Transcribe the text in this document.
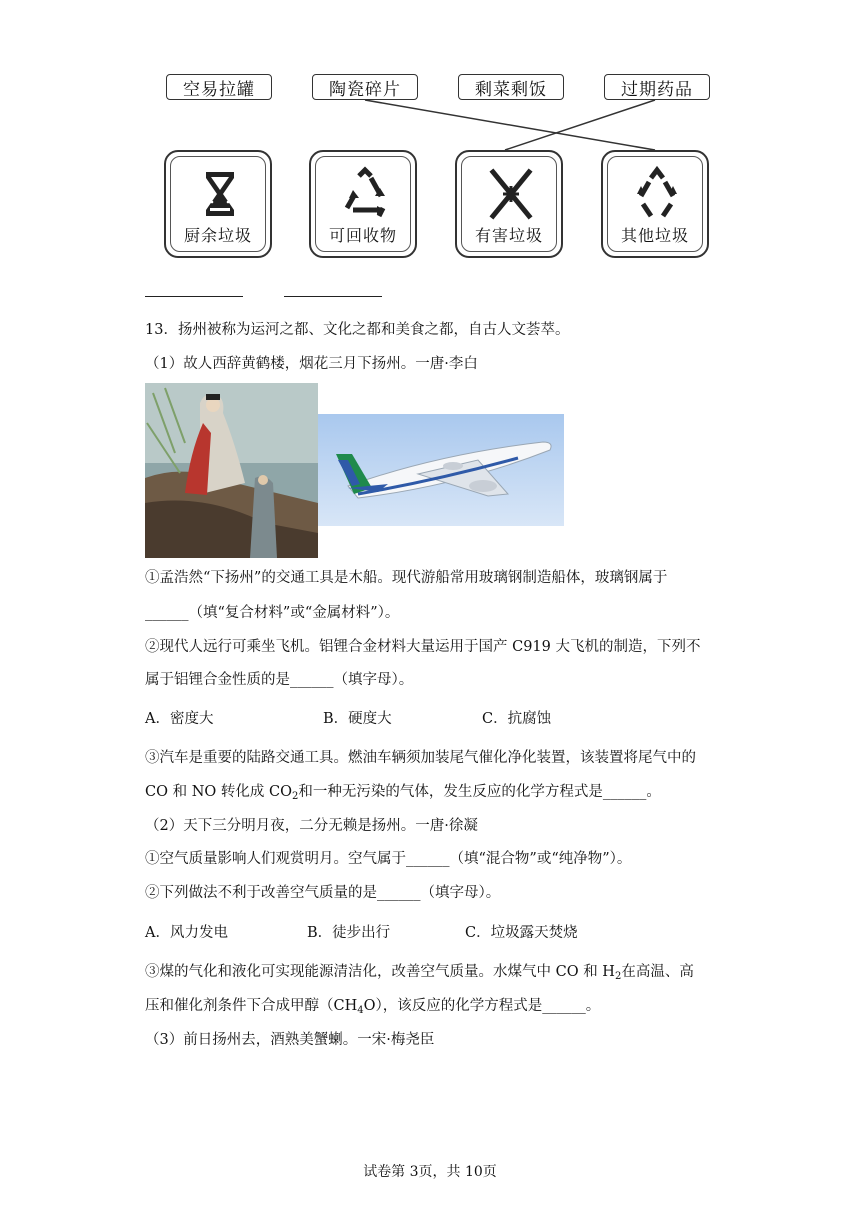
空易拉罐	陶瓷碎片	剩菜剩饭	过期药品
厨余垃圾	可回收物	有害垃圾	其他垃圾
13．扬州被称为运河之都、文化之都和美食之都，自古人文荟萃。
（1）故人西辞黄鹤楼，烟花三月下扬州。一唐·李白
①孟浩然“下扬州”的交通工具是木船。现代游船常用玻璃钢制造船体，玻璃钢属于
______（填“复合材料”或“金属材料”）。
②现代人远行可乘坐飞机。铝锂合金材料大量运用于国产 C919 大飞机的制造，下列不
属于铝锂合金性质的是______（填字母）。
A．密度大	B．硬度大	C．抗腐蚀
③汽车是重要的陆路交通工具。燃油车辆须加装尾气催化净化装置，该装置将尾气中的
CO 和 NO 转化成 $CO_2$和一种无污染的气体，发生反应的化学方程式是______。
（2）天下三分明月夜，二分无赖是扬州。一唐·徐凝
①空气质量影响人们观赏明月。空气属于______（填“混合物”或“纯净物”）。
②下列做法不利于改善空气质量的是______（填字母）。
A．风力发电	B．徒步出行	C．垃圾露天焚烧
③煤的气化和液化可实现能源清洁化，改善空气质量。水煤气中 CO 和 $H_2$在高温、高
压和催化剂条件下合成甲醇$(CH_4O)$，该反应的化学方程式是______。
（3）前日扬州去，酒熟美蟹蝲。一宋·梅尧臣
试卷第 3页，共 10页
